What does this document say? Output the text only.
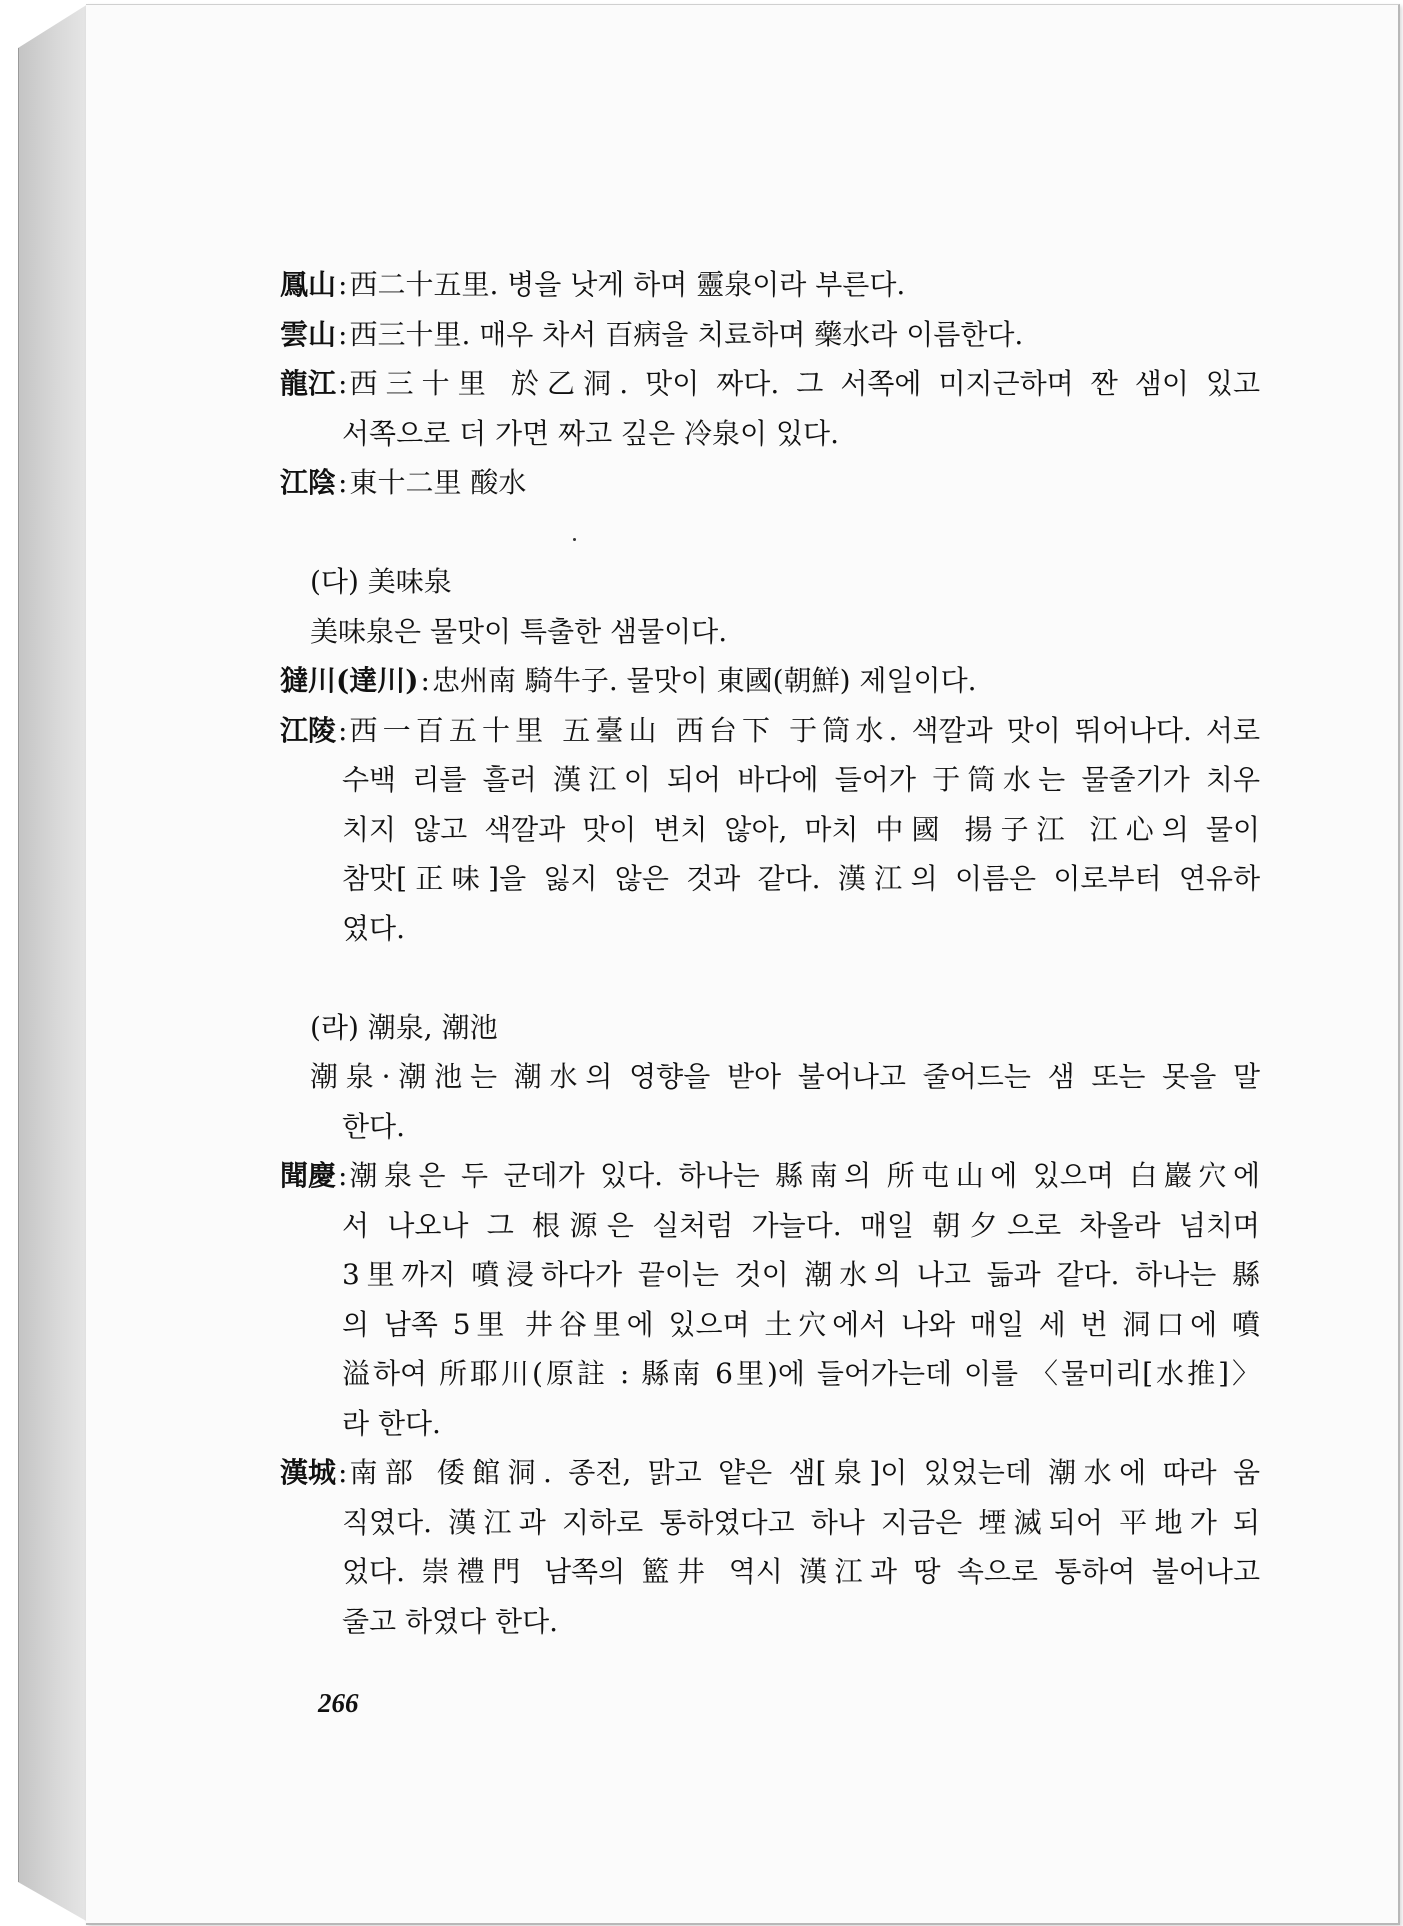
鳳山 : 西二十五里. 병을 낫게 하며 靈泉이라 부른다.
雲山 : 西三十里. 매우 차서 百病을 치료하며 藥水라 이름한다.
龍江 : 西三十里 於乙洞. 맛이 짜다. 그 서쪽에 미지근하며 짠 샘이 있고
서쪽으로 더 가면 짜고 깊은 冷泉이 있다.
江陰 : 東十二里 酸水
(다) 美味泉
美味泉은 물맛이 특출한 샘물이다.
㺚川(達川) : 忠州南 騎牛子. 물맛이 東國(朝鮮) 제일이다.
江陵 : 西一百五十里 五臺山 西台下 于筒水. 색깔과 맛이 뛰어나다. 서로
수백 리를 흘러 漢江이 되어 바다에 들어가 于筒水는 물줄기가 치우
치지 않고 색깔과 맛이 변치 않아, 마치 中國 揚子江 江心의 물이
참맛[正味]을 잃지 않은 것과 같다. 漢江의 이름은 이로부터 연유하
였다.
(라) 潮泉, 潮池
潮泉·潮池는 潮水의 영향을 받아 불어나고 줄어드는 샘 또는 못을 말
한다.
聞慶 : 潮泉은 두 군데가 있다. 하나는 縣南의 所屯山에 있으며 白巖穴에
서 나오나 그 根源은 실처럼 가늘다. 매일 朝夕으로 차올라 넘치며
3里까지 噴浸하다가 끝이는 것이 潮水의 나고 듦과 같다. 하나는 縣
의 남쪽 5里 井谷里에 있으며 土穴에서 나와 매일 세 번 洞口에 噴
溢하여 所耶川(原註 : 縣南 6里)에 들어가는데 이를 〈물미리[水推]〉
라 한다.
漢城 : 南部 倭館洞. 종전, 맑고 얕은 샘[泉]이 있었는데 潮水에 따라 움
직였다. 漢江과 지하로 통하였다고 하나 지금은 堙滅되어 平地가 되
었다. 崇禮門 남쪽의 籃井 역시 漢江과 땅 속으로 통하여 불어나고
줄고 하였다 한다.
266
